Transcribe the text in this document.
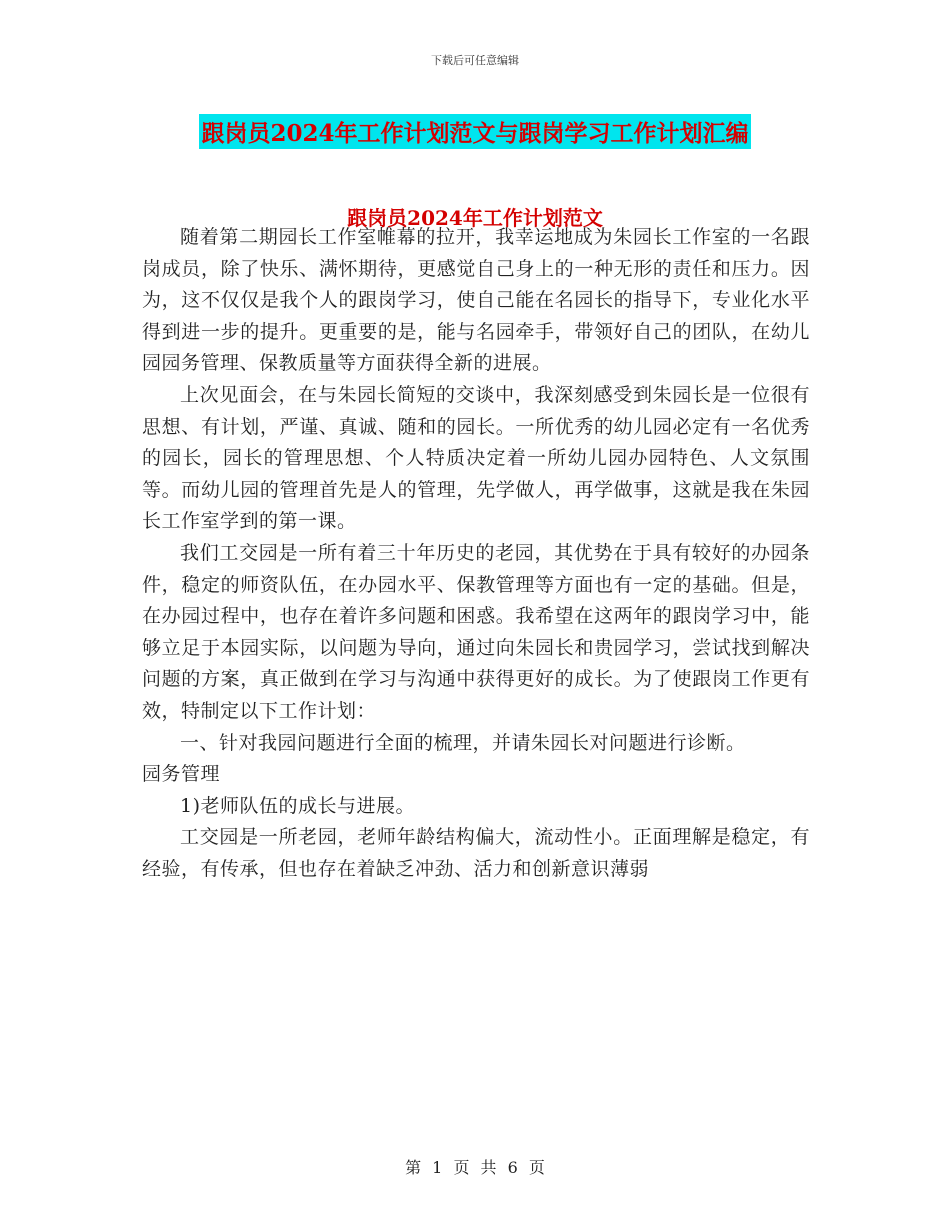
下载后可任意编辑
跟岗员2024年工作计划范文与跟岗学习工作计划汇编
跟岗员2024年工作计划范文

随着第二期园长工作室帷幕的拉开，我幸运地成为朱园长工作室的一名跟岗成员，除了快乐、满怀期待，更感觉自己身上的一种无形的责任和压力。因为，这不仅仅是我个人的跟岗学习，使自己能在名园长的指导下，专业化水平得到进一步的提升。更重要的是，能与名园牵手，带领好自己的团队，在幼儿园园务管理、保教质量等方面获得全新的进展。

上次见面会，在与朱园长简短的交谈中，我深刻感受到朱园长是一位很有思想、有计划，严谨、真诚、随和的园长。一所优秀的幼儿园必定有一名优秀的园长，园长的管理思想、个人特质决定着一所幼儿园办园特色、人文氛围等。而幼儿园的管理首先是人的管理，先学做人，再学做事，这就是我在朱园长工作室学到的第一课。

我们工交园是一所有着三十年历史的老园，其优势在于具有较好的办园条件，稳定的师资队伍，在办园水平、保教管理等方面也有一定的基础。但是，在办园过程中，也存在着许多问题和困惑。我希望在这两年的跟岗学习中，能够立足于本园实际，以问题为导向，通过向朱园长和贵园学习，尝试找到解决问题的方案，真正做到在学习与沟通中获得更好的成长。为了使跟岗工作更有效，特制定以下工作计划：

一、针对我园问题进行全面的梳理，并请朱园长对问题进行诊断。

园务管理

1)老师队伍的成长与进展。

工交园是一所老园，老师年龄结构偏大，流动性小。正面理解是稳定，有经验，有传承，但也存在着缺乏冲劲、活力和创新意识薄弱

第 1 页 共 6 页
